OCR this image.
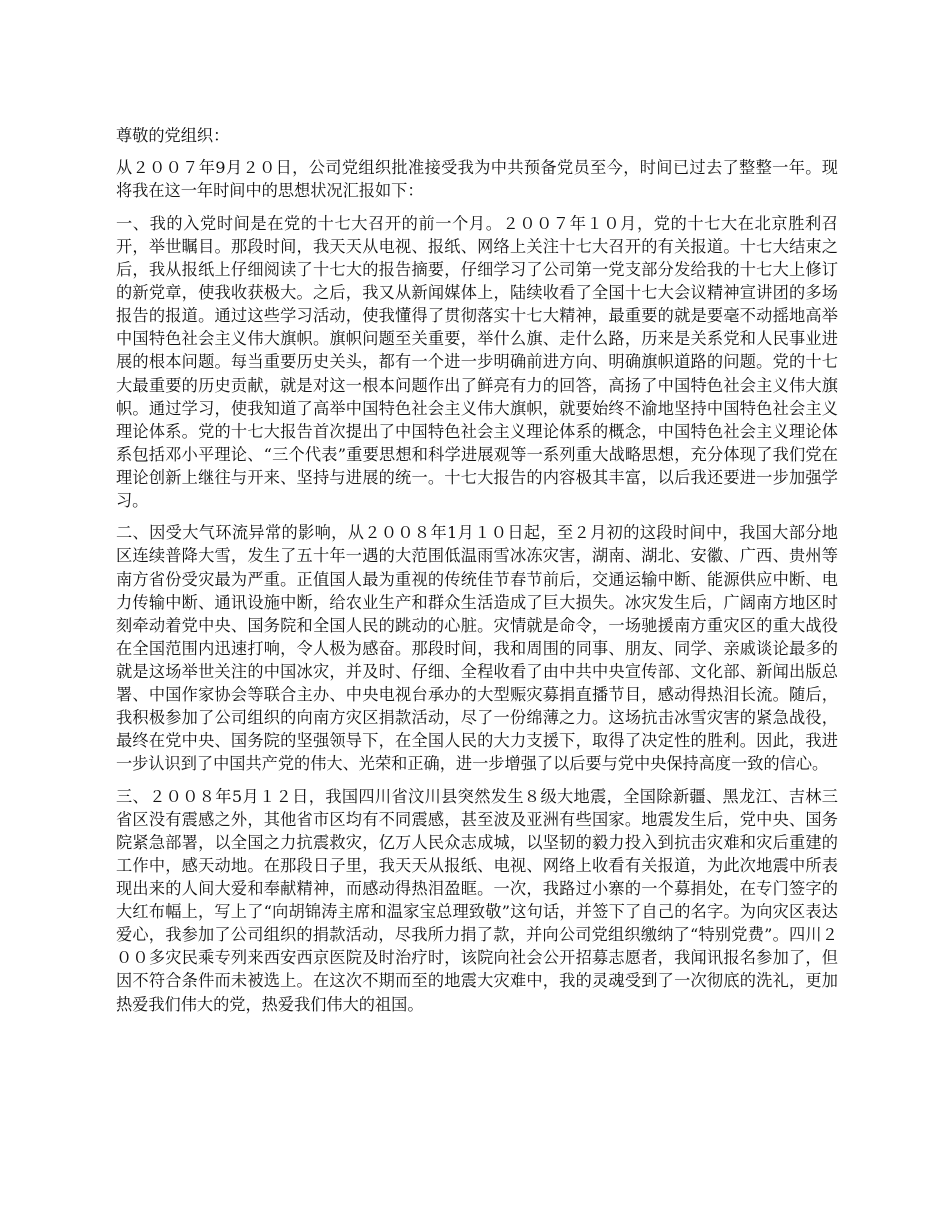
尊敬的党组织：

从２００７年9月２０日，公司党组织批准接受我为中共预备党员至今，时间已过去了整整一年。现将我在这一年时间中的思想状况汇报如下：

一、我的入党时间是在党的十七大召开的前一个月。２００７年１０月，党的十七大在北京胜利召开，举世瞩目。那段时间，我天天从电视、报纸、网络上关注十七大召开的有关报道。十七大结束之后，我从报纸上仔细阅读了十七大的报告摘要，仔细学习了公司第一党支部分发给我的十七大上修订的新党章，使我收获极大。之后，我又从新闻媒体上，陆续收看了全国十七大会议精神宣讲团的多场报告的报道。通过这些学习活动，使我懂得了贯彻落实十七大精神，最重要的就是要毫不动摇地高举中国特色社会主义伟大旗帜。旗帜问题至关重要，举什么旗、走什么路，历来是关系党和人民事业进展的根本问题。每当重要历史关头，都有一个进一步明确前进方向、明确旗帜道路的问题。党的十七大最重要的历史贡献，就是对这一根本问题作出了鲜亮有力的回答，高扬了中国特色社会主义伟大旗帜。通过学习，使我知道了高举中国特色社会主义伟大旗帜，就要始终不渝地坚持中国特色社会主义理论体系。党的十七大报告首次提出了中国特色社会主义理论体系的概念，中国特色社会主义理论体系包括邓小平理论、“三个代表”重要思想和科学进展观等一系列重大战略思想，充分体现了我们党在理论创新上继往与开来、坚持与进展的统一。十七大报告的内容极其丰富，以后我还要进一步加强学习。

二、因受大气环流异常的影响，从２００８年1月１０日起，至２月初的这段时间中，我国大部分地区连续普降大雪，发生了五十年一遇的大范围低温雨雪冰冻灾害，湖南、湖北、安徽、广西、贵州等南方省份受灾最为严重。正值国人最为重视的传统佳节春节前后，交通运输中断、能源供应中断、电力传输中断、通讯设施中断，给农业生产和群众生活造成了巨大损失。冰灾发生后，广阔南方地区时刻牵动着党中央、国务院和全国人民的跳动的心脏。灾情就是命令，一场驰援南方重灾区的重大战役在全国范围内迅速打响，令人极为感奋。那段时间，我和周围的同事、朋友、同学、亲戚谈论最多的就是这场举世关注的中国冰灾，并及时、仔细、全程收看了由中共中央宣传部、文化部、新闻出版总署、中国作家协会等联合主办、中央电视台承办的大型赈灾募捐直播节目，感动得热泪长流。随后，我积极参加了公司组织的向南方灾区捐款活动，尽了一份绵薄之力。这场抗击冰雪灾害的紧急战役，最终在党中央、国务院的坚强领导下，在全国人民的大力支援下，取得了决定性的胜利。因此，我进一步认识到了中国共产党的伟大、光荣和正确，进一步增强了以后要与党中央保持高度一致的信心。

三、２００８年5月１２日，我国四川省汶川县突然发生８级大地震，全国除新疆、黑龙江、吉林三省区没有震感之外，其他省市区均有不同震感，甚至波及亚洲有些国家。地震发生后，党中央、国务院紧急部署，以全国之力抗震救灾，亿万人民众志成城，以坚韧的毅力投入到抗击灾难和灾后重建的工作中，感天动地。在那段日子里，我天天从报纸、电视、网络上收看有关报道，为此次地震中所表现出来的人间大爱和奉献精神，而感动得热泪盈眶。一次，我路过小寨的一个募捐处，在专门签字的大红布幅上，写上了“向胡锦涛主席和温家宝总理致敬”这句话，并签下了自己的名字。为向灾区表达爱心，我参加了公司组织的捐款活动，尽我所力捐了款，并向公司党组织缴纳了“特别党费”。四川２００多灾民乘专列来西安西京医院及时治疗时，该院向社会公开招募志愿者，我闻讯报名参加了，但因不符合条件而未被选上。在这次不期而至的地震大灾难中，我的灵魂受到了一次彻底的洗礼，更加热爱我们伟大的党，热爱我们伟大的祖国。
